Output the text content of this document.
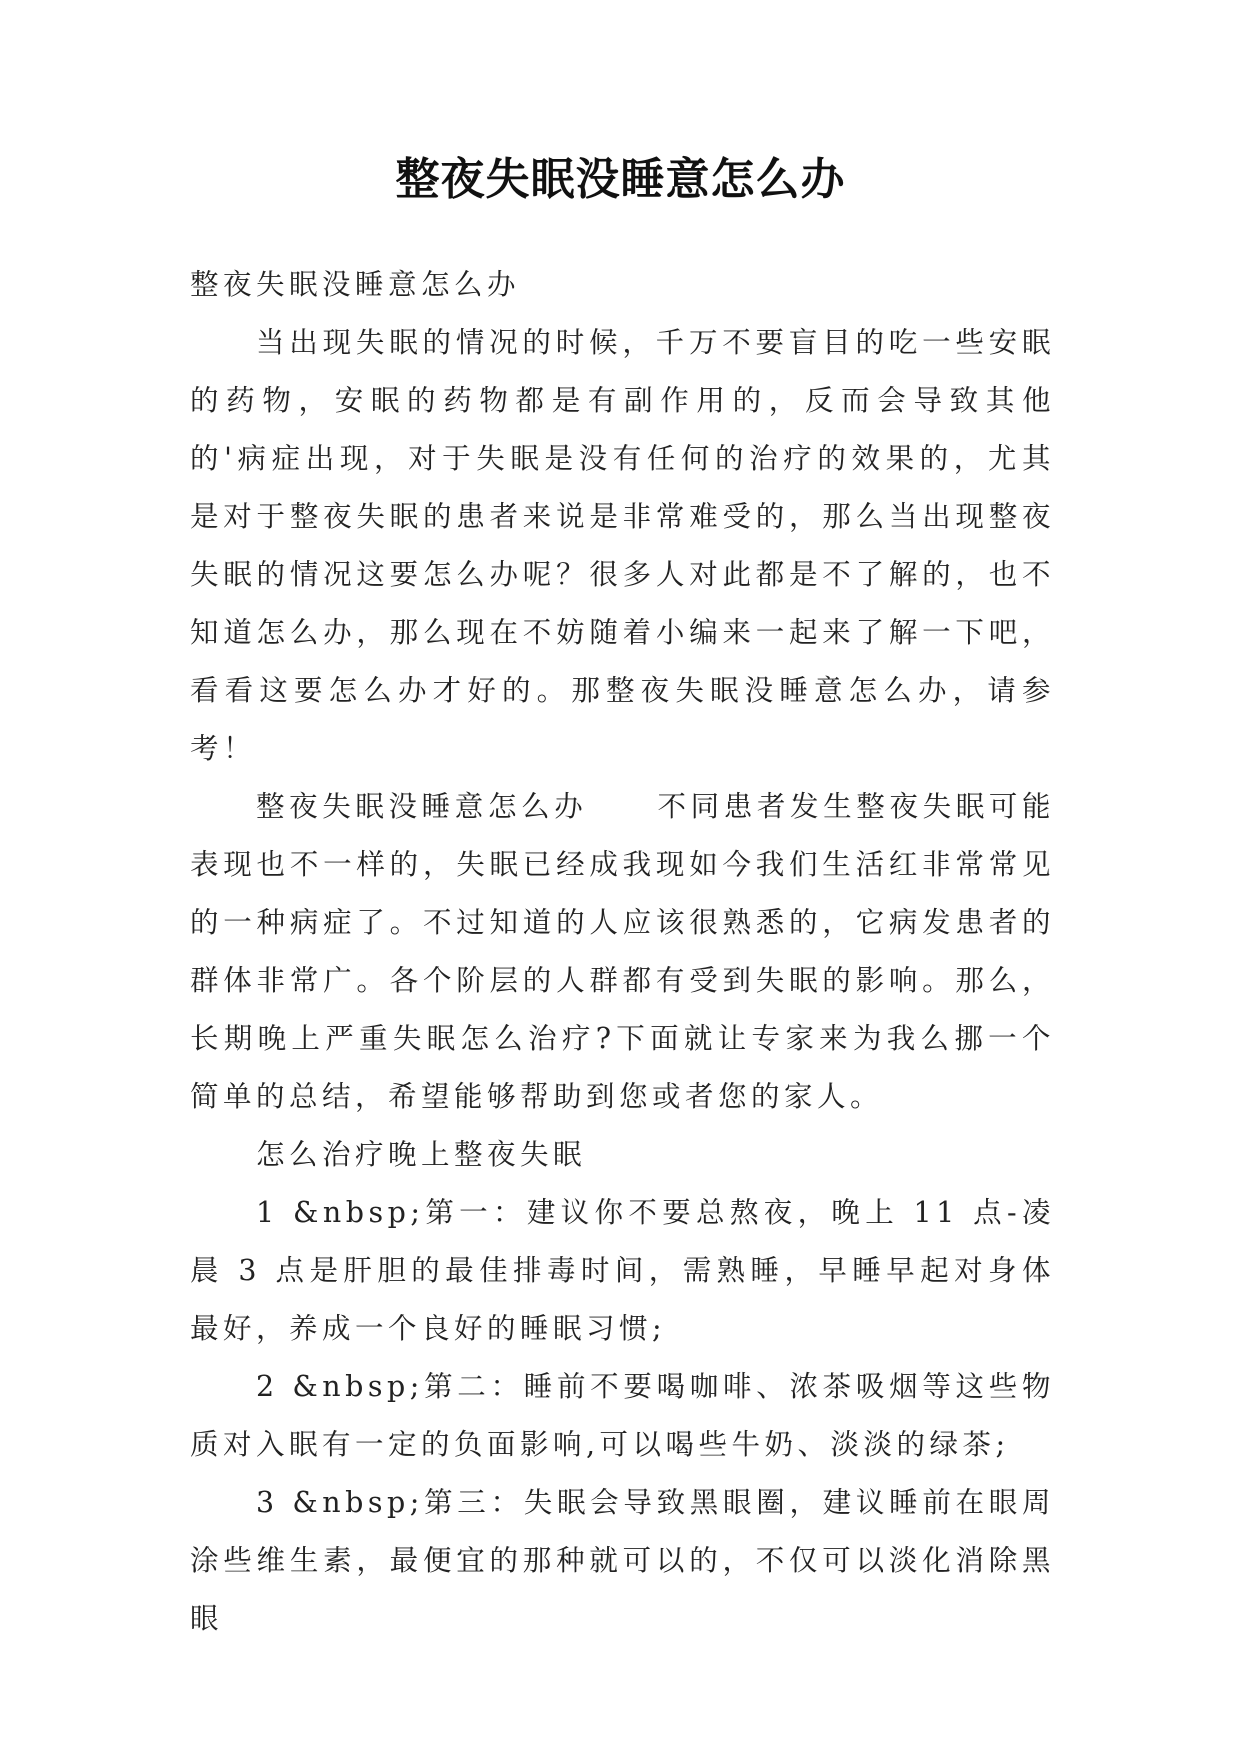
整夜失眠没睡意怎么办

整夜失眠没睡意怎么办

当出现失眠的情况的时候，千万不要盲目的吃一些安眠的药物，安眠的药物都是有副作用的，反而会导致其他的'病症出现，对于失眠是没有任何的治疗的效果的，尤其是对于整夜失眠的患者来说是非常难受的，那么当出现整夜失眠的情况这要怎么办呢？很多人对此都是不了解的，也不知道怎么办，那么现在不妨随着小编来一起来了解一下吧，看看这要怎么办才好的。那整夜失眠没睡意怎么办，请参考！

整夜失眠没睡意怎么办 不同患者发生整夜失眠可能表现也不一样的，失眠已经成我现如今我们生活红非常常见的一种病症了。不过知道的人应该很熟悉的，它病发患者的群体非常广。各个阶层的人群都有受到失眠的影响。那么，长期晚上严重失眠怎么治疗?下面就让专家来为我么挪一个简单的总结，希望能够帮助到您或者您的家人。

怎么治疗晚上整夜失眠

1 &nbsp;第一：建议你不要总熬夜，晚上 11 点-凌晨 3 点是肝胆的最佳排毒时间，需熟睡，早睡早起对身体最好，养成一个良好的睡眠习惯;

2 &nbsp;第二：睡前不要喝咖啡、浓茶吸烟等这些物质对入眠有一定的负面影响,可以喝些牛奶、淡淡的绿茶;

3 &nbsp;第三：失眠会导致黑眼圈，建议睡前在眼周涂些维生素，最便宜的那种就可以的，不仅可以淡化消除黑眼
